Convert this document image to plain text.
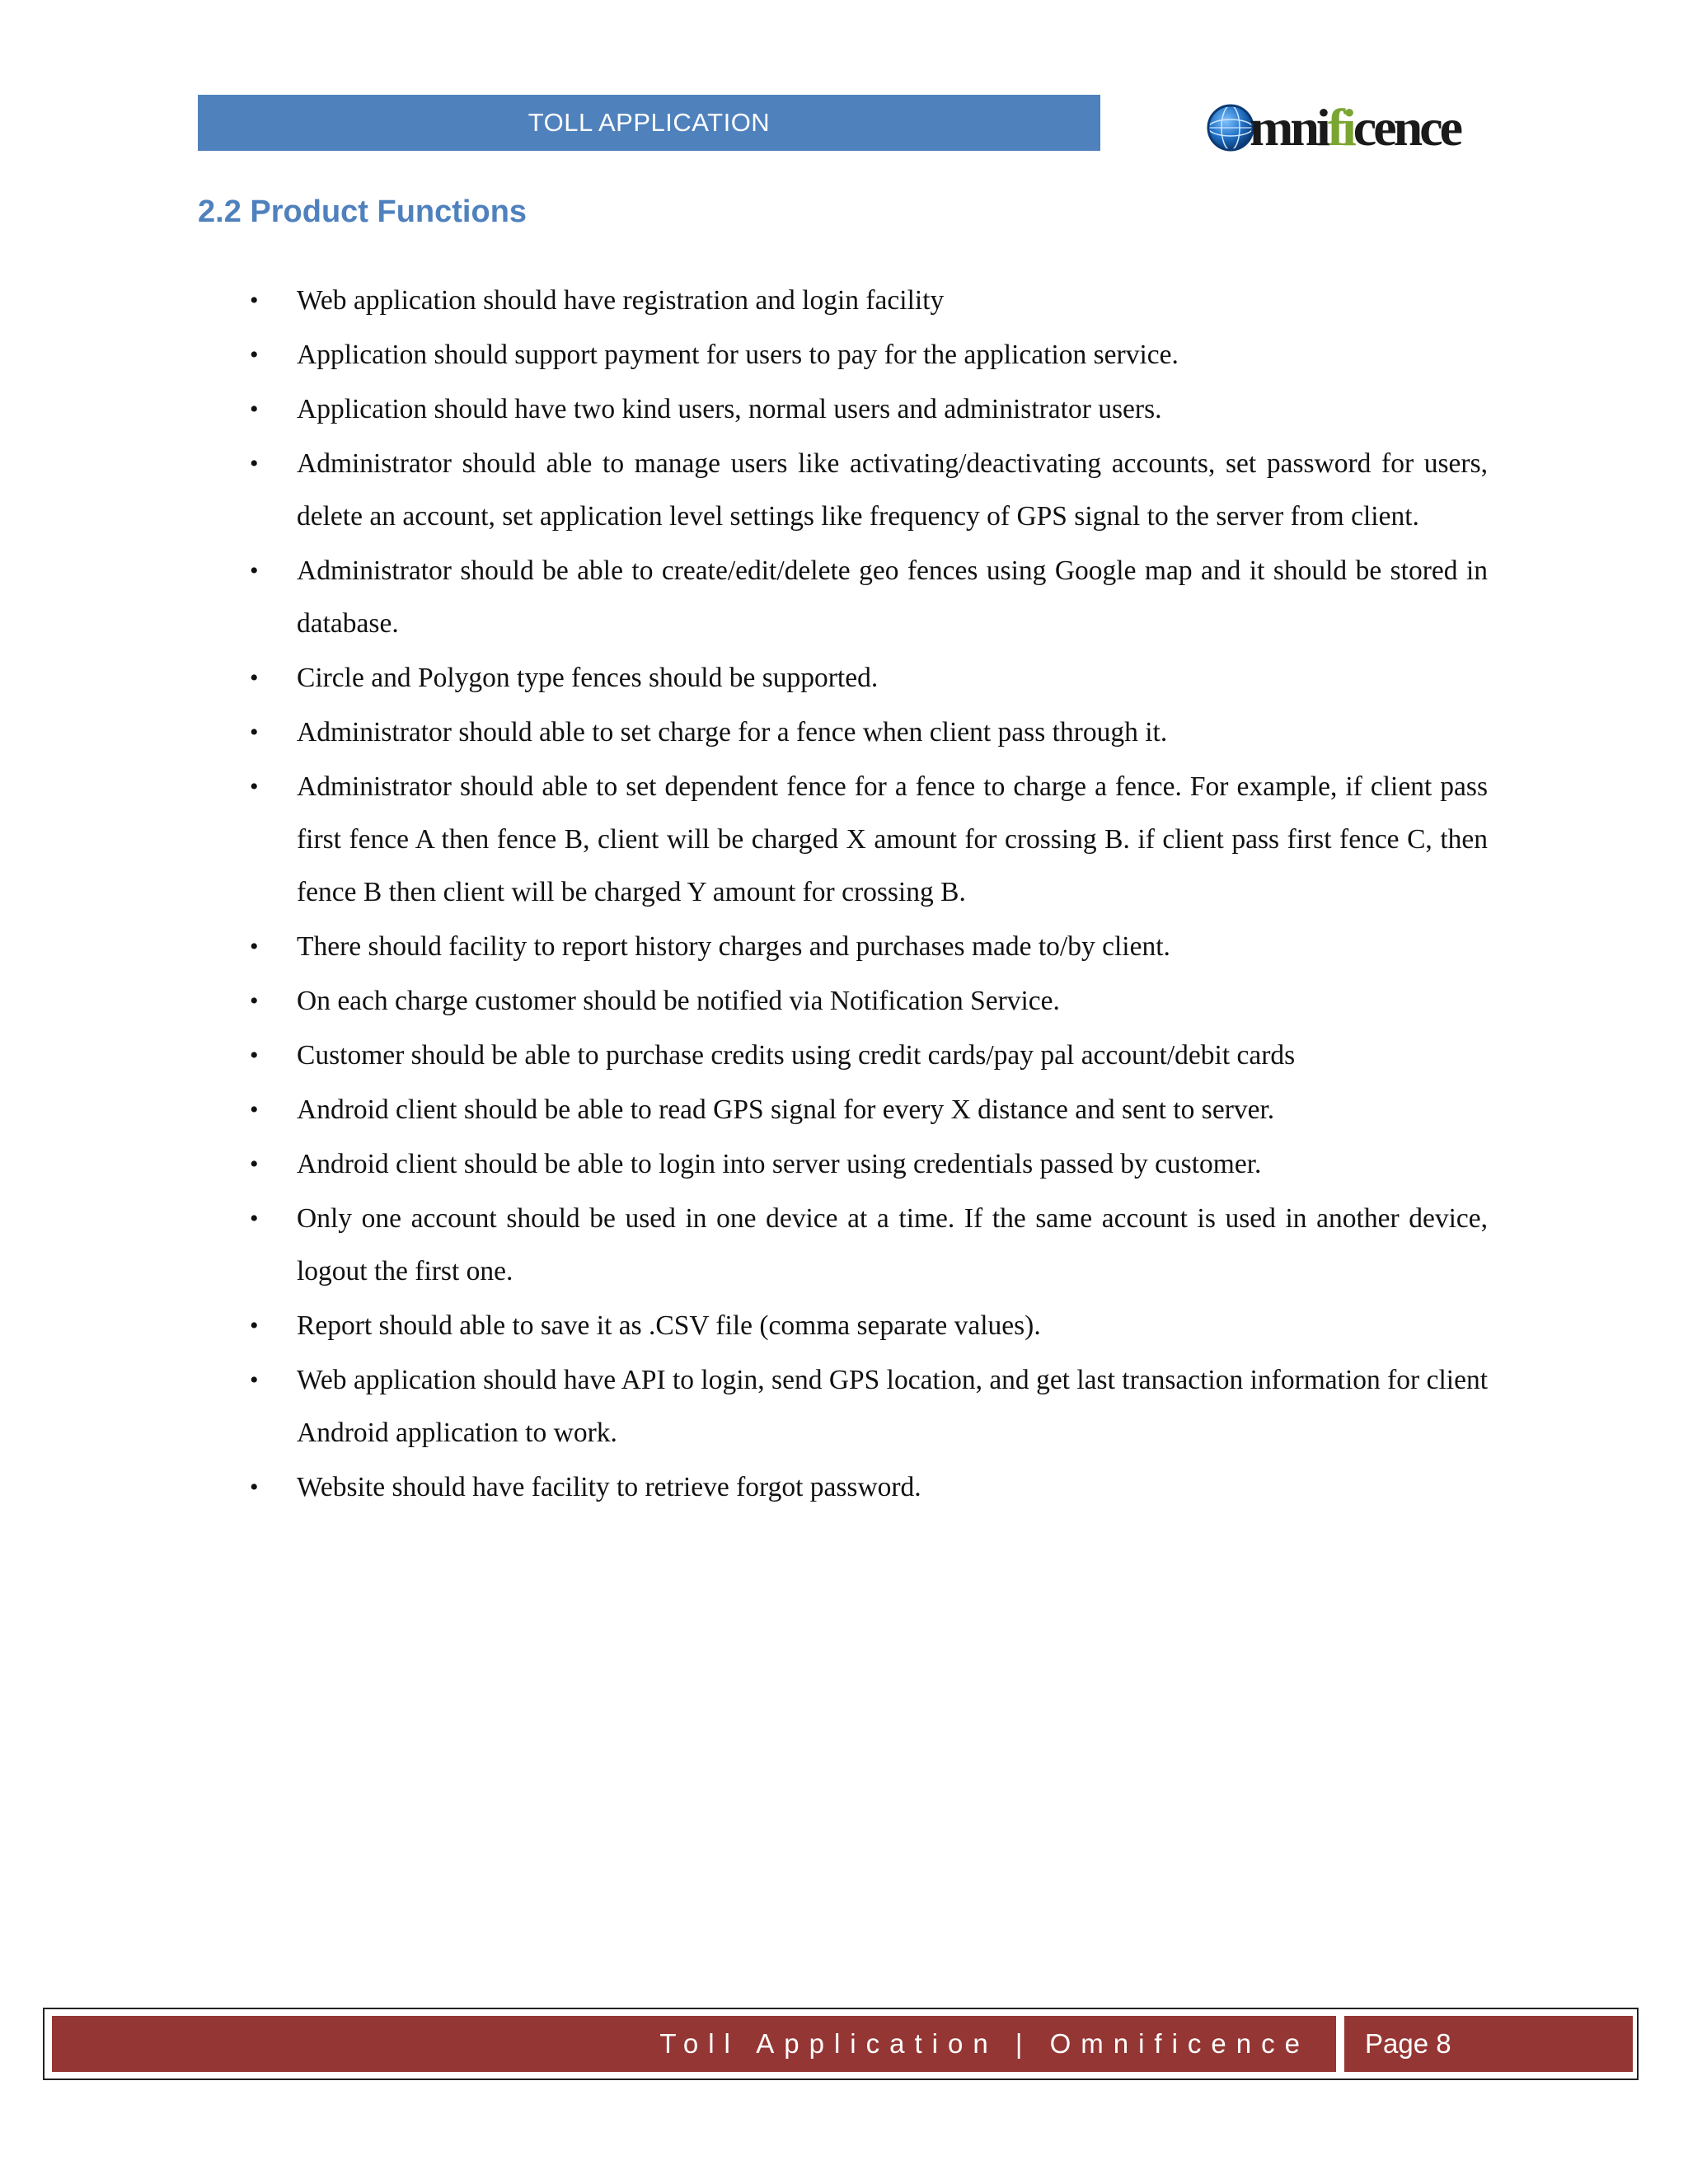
TOLL APPLICATION	mnificence
2.2 Product Functions
• Web application should have registration and login facility
• Application should support payment for users to pay for the application service.
• Application should have two kind users, normal users and administrator users.
• Administrator should able to manage users like activating/deactivating accounts, set password for users, delete an account, set application level settings like frequency of GPS signal to the server from client.
• Administrator should be able to create/edit/delete geo fences using Google map and it should be stored in database.
• Circle and Polygon type fences should be supported.
• Administrator should able to set charge for a fence when client pass through it.
• Administrator should able to set dependent fence for a fence to charge a fence. For example, if client pass first fence A then fence B, client will be charged X amount for crossing B. if client pass first fence C, then fence B then client will be charged Y amount for crossing B.
• There should facility to report history charges and purchases made to/by client.
• On each charge customer should be notified via Notification Service.
• Customer should be able to purchase credits using credit cards/pay pal account/debit cards
• Android client should be able to read GPS signal for every X distance and sent to server.
• Android client should be able to login into server using credentials passed by customer.
• Only one account should be used in one device at a time. If the same account is used in another device, logout the first one.
• Report should able to save it as .CSV file (comma separate values).
• Web application should have API to login, send GPS location, and get last transaction information for client Android application to work.
• Website should have facility to retrieve forgot password.
Toll Application | Omnificence Page 8
